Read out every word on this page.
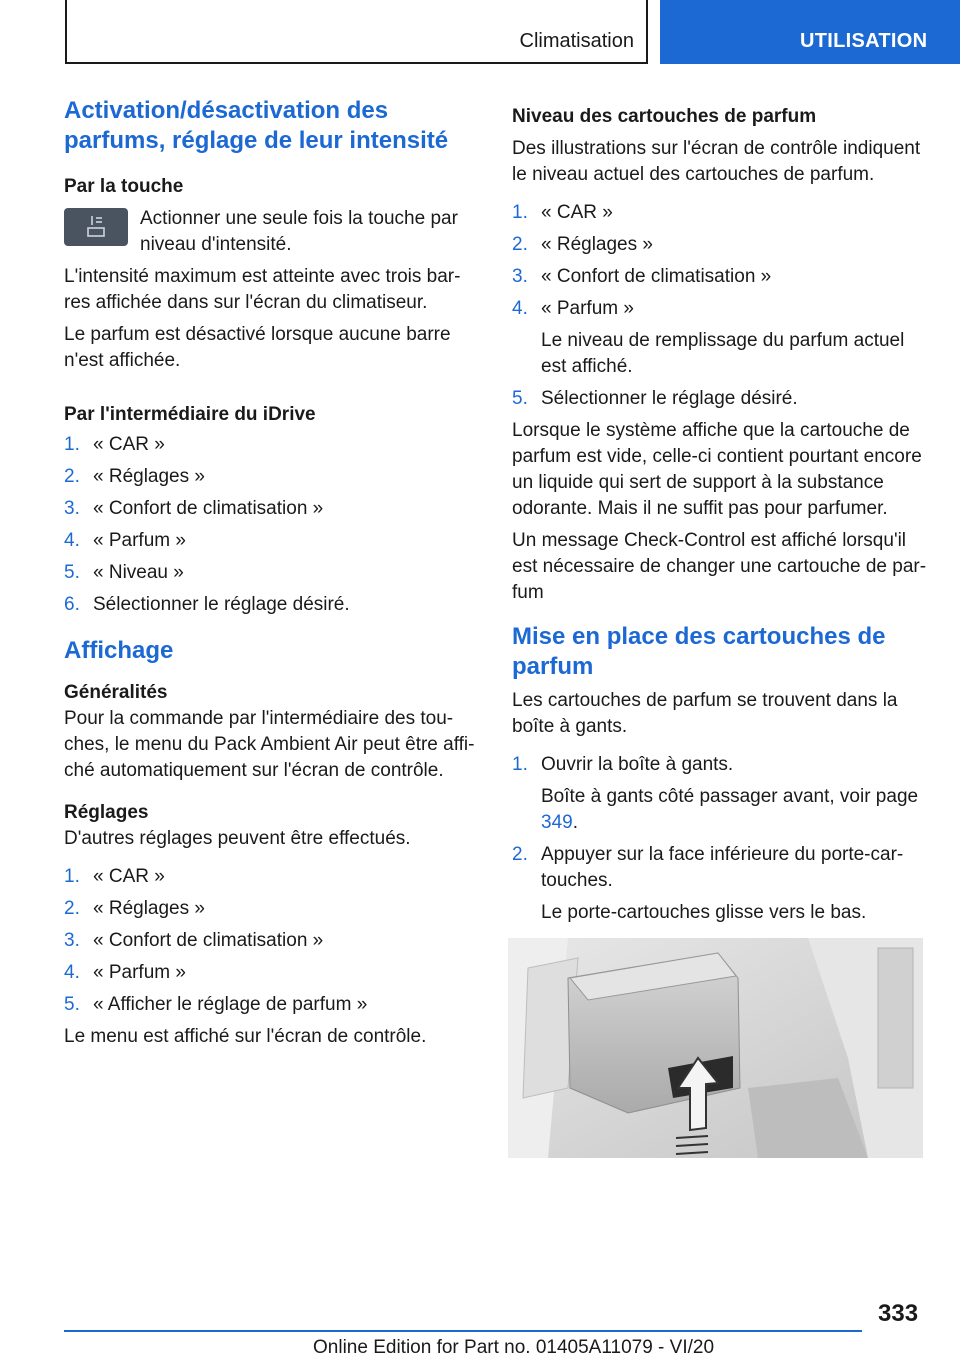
Climatisation	UTILISATION
Activation/désactivation des parfums, réglage de leur intensité

Par la touche

Actionner une seule fois la touche par niveau d'intensité.

L'intensité maximum est atteinte avec trois bar-res affichée dans sur l'écran du climatiseur.

Le parfum est désactivé lorsque aucune barre n'est affichée.

Par l'intermédiaire du iDrive

1. « CAR »
2. « Réglages »
3. « Confort de climatisation »
4. « Parfum »
5. « Niveau »
6. Sélectionner le réglage désiré.
Affichage

Généralités

Pour la commande par l'intermédiaire des tou-ches, le menu du Pack Ambient Air peut être affi-ché automatiquement sur l'écran de contrôle.

Réglages

D'autres réglages peuvent être effectués.

1. « CAR »
2. « Réglages »
3. « Confort de climatisation »
4. « Parfum »
5. « Afficher le réglage de parfum »

Le menu est affiché sur l'écran de contrôle.

Niveau des cartouches de parfum

Des illustrations sur l'écran de contrôle indiquent le niveau actuel des cartouches de parfum.

1. « CAR »
2. « Réglages »
3. « Confort de climatisation »
4. « Parfum »

Le niveau de remplissage du parfum actuel est affiché.

5. Sélectionner le réglage désiré.

Lorsque le système affiche que la cartouche de parfum est vide, celle-ci contient pourtant encore un liquide qui sert de support à la substance odorante. Mais il ne suffit pas pour parfumer.

Un message Check-Control est affiché lorsqu'il est nécessaire de changer une cartouche de par-fum

Mise en place des cartouches de parfum

Les cartouches de parfum se trouvent dans la boîte à gants.

1. Ouvrir la boîte à gants.

Boîte à gants côté passager avant, voir page 349.

2. Appuyer sur la face inférieure du porte-car-touches.

Le porte-cartouches glisse vers le bas.

333
Online Edition for Part no. 01405A11079 - VI/20
